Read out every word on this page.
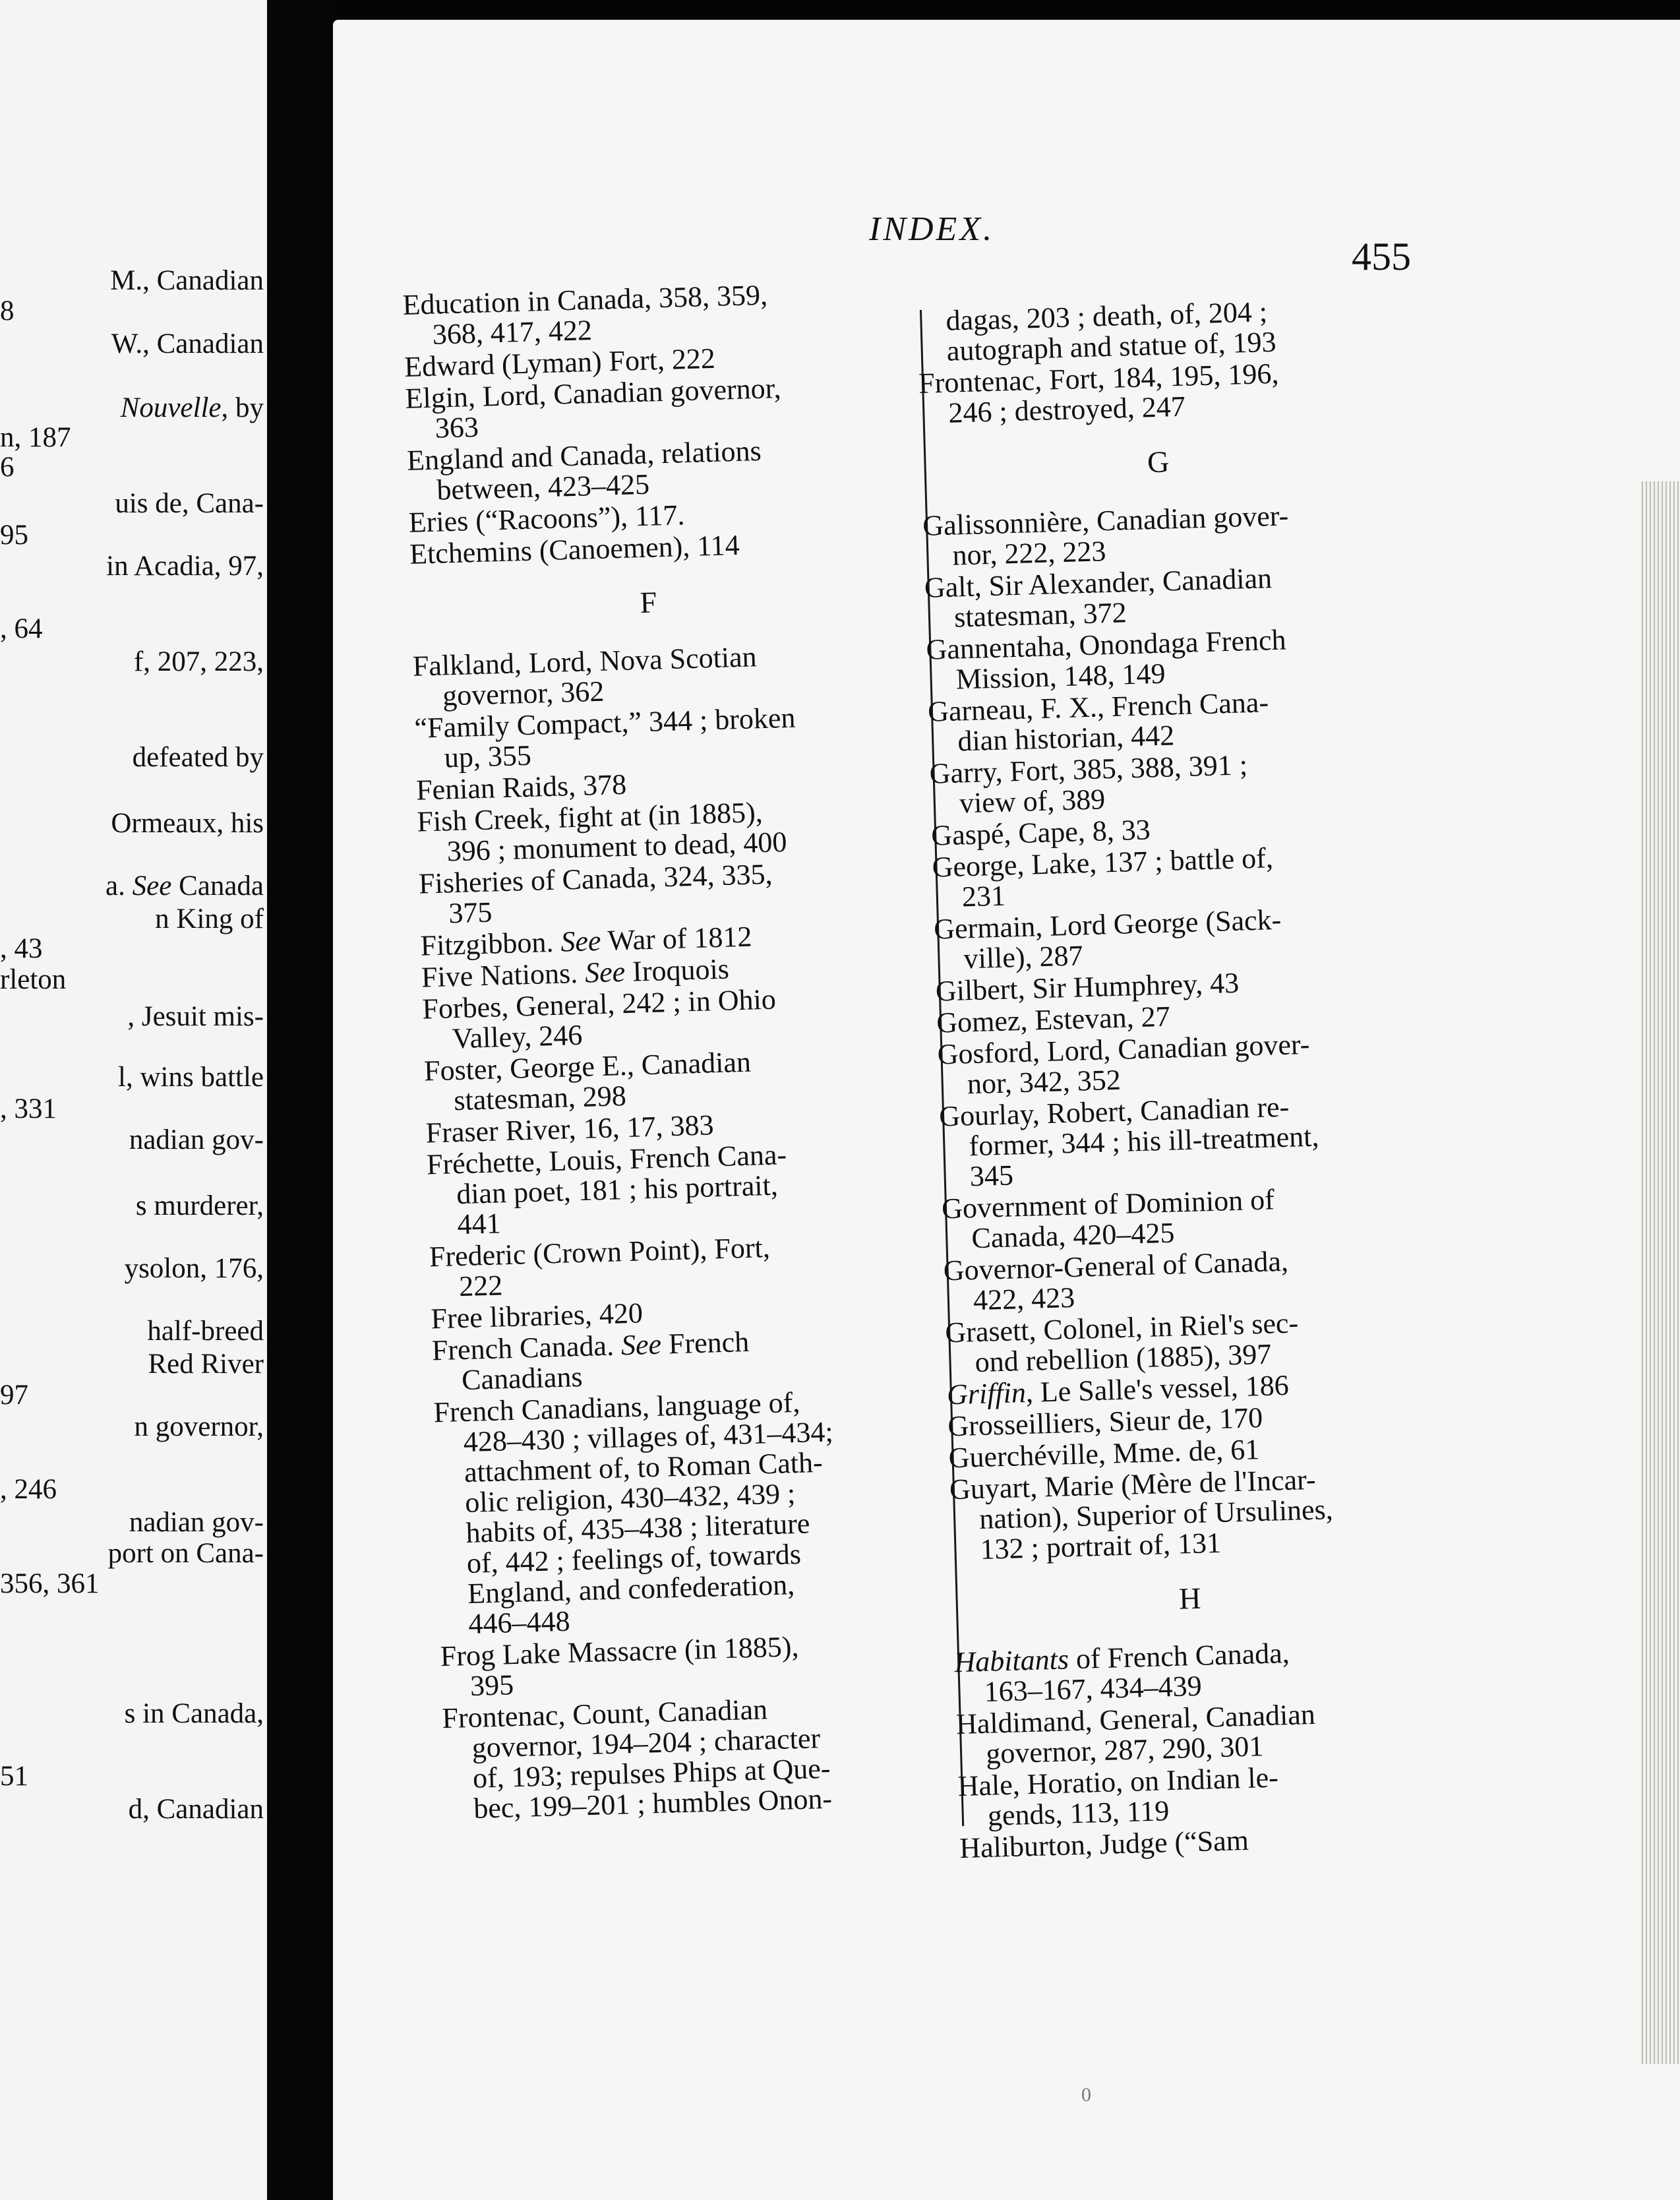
M., Canadian
8
W., Canadian
Nouvelle, by
n, 187
6
uis de, Cana-
95
in Acadia, 97,
, 64
f, 207, 223,
defeated by
Ormeaux, his
a. See Canada
n King of
, 43
rleton
, Jesuit mis-
l, wins battle
, 331
nadian gov-
s murderer,
ysolon, 176,
half-breed
Red River
97
n governor,
, 246
nadian gov-
port on Cana-
356, 361
s in Canada,
51
d, Canadian
INDEX.
455
Education in Canada, 358, 359,
368, 417, 422
Edward (Lyman) Fort, 222
Elgin, Lord, Canadian governor,
363
England and Canada, relations
between, 423–425
Eries (“Racoons”), 117.
Etchemins (Canoemen), 114
F
Falkland, Lord, Nova Scotian
governor, 362
“Family Compact,” 344 ; broken
up, 355
Fenian Raids, 378
Fish Creek, fight at (in 1885),
396 ; monument to dead, 400
Fisheries of Canada, 324, 335,
375
Fitzgibbon. See War of 1812
Five Nations. See Iroquois
Forbes, General, 242 ; in Ohio
Valley, 246
Foster, George E., Canadian
statesman, 298
Fraser River, 16, 17, 383
Fréchette, Louis, French Cana-
dian poet, 181 ; his portrait,
441
Frederic (Crown Point), Fort,
222
Free libraries, 420
French Canada. See French
Canadians
French Canadians, language of,
428–430 ; villages of, 431–434;
attachment of, to Roman Cath-
olic religion, 430–432, 439 ;
habits of, 435–438 ; literature
of, 442 ; feelings of, towards
England, and confederation,
446–448
Frog Lake Massacre (in 1885),
395
Frontenac, Count, Canadian
governor, 194–204 ; character
of, 193; repulses Phips at Que-
bec, 199–201 ; humbles Onon-
dagas, 203 ; death, of, 204 ;
autograph and statue of, 193
Frontenac, Fort, 184, 195, 196,
246 ; destroyed, 247
G
Galissonnière, Canadian gover-
nor, 222, 223
Galt, Sir Alexander, Canadian
statesman, 372
Gannentaha, Onondaga French
Mission, 148, 149
Garneau, F. X., French Cana-
dian historian, 442
Garry, Fort, 385, 388, 391 ;
view of, 389
Gaspé, Cape, 8, 33
George, Lake, 137 ; battle of,
231
Germain, Lord George (Sack-
ville), 287
Gilbert, Sir Humphrey, 43
Gomez, Estevan, 27
Gosford, Lord, Canadian gover-
nor, 342, 352
Gourlay, Robert, Canadian re-
former, 344 ; his ill-treatment,
345
Government of Dominion of
Canada, 420–425
Governor-General of Canada,
422, 423
Grasett, Colonel, in Riel's sec-
ond rebellion (1885), 397
Griffin, Le Salle's vessel, 186
Grosseilliers, Sieur de, 170
Guerchéville, Mme. de, 61
Guyart, Marie (Mère de l'Incar-
nation), Superior of Ursulines,
132 ; portrait of, 131
H
Habitants of French Canada,
163–167, 434–439
Haldimand, General, Canadian
governor, 287, 290, 301
Hale, Horatio, on Indian le-
gends, 113, 119
Haliburton, Judge (“Sam
0
